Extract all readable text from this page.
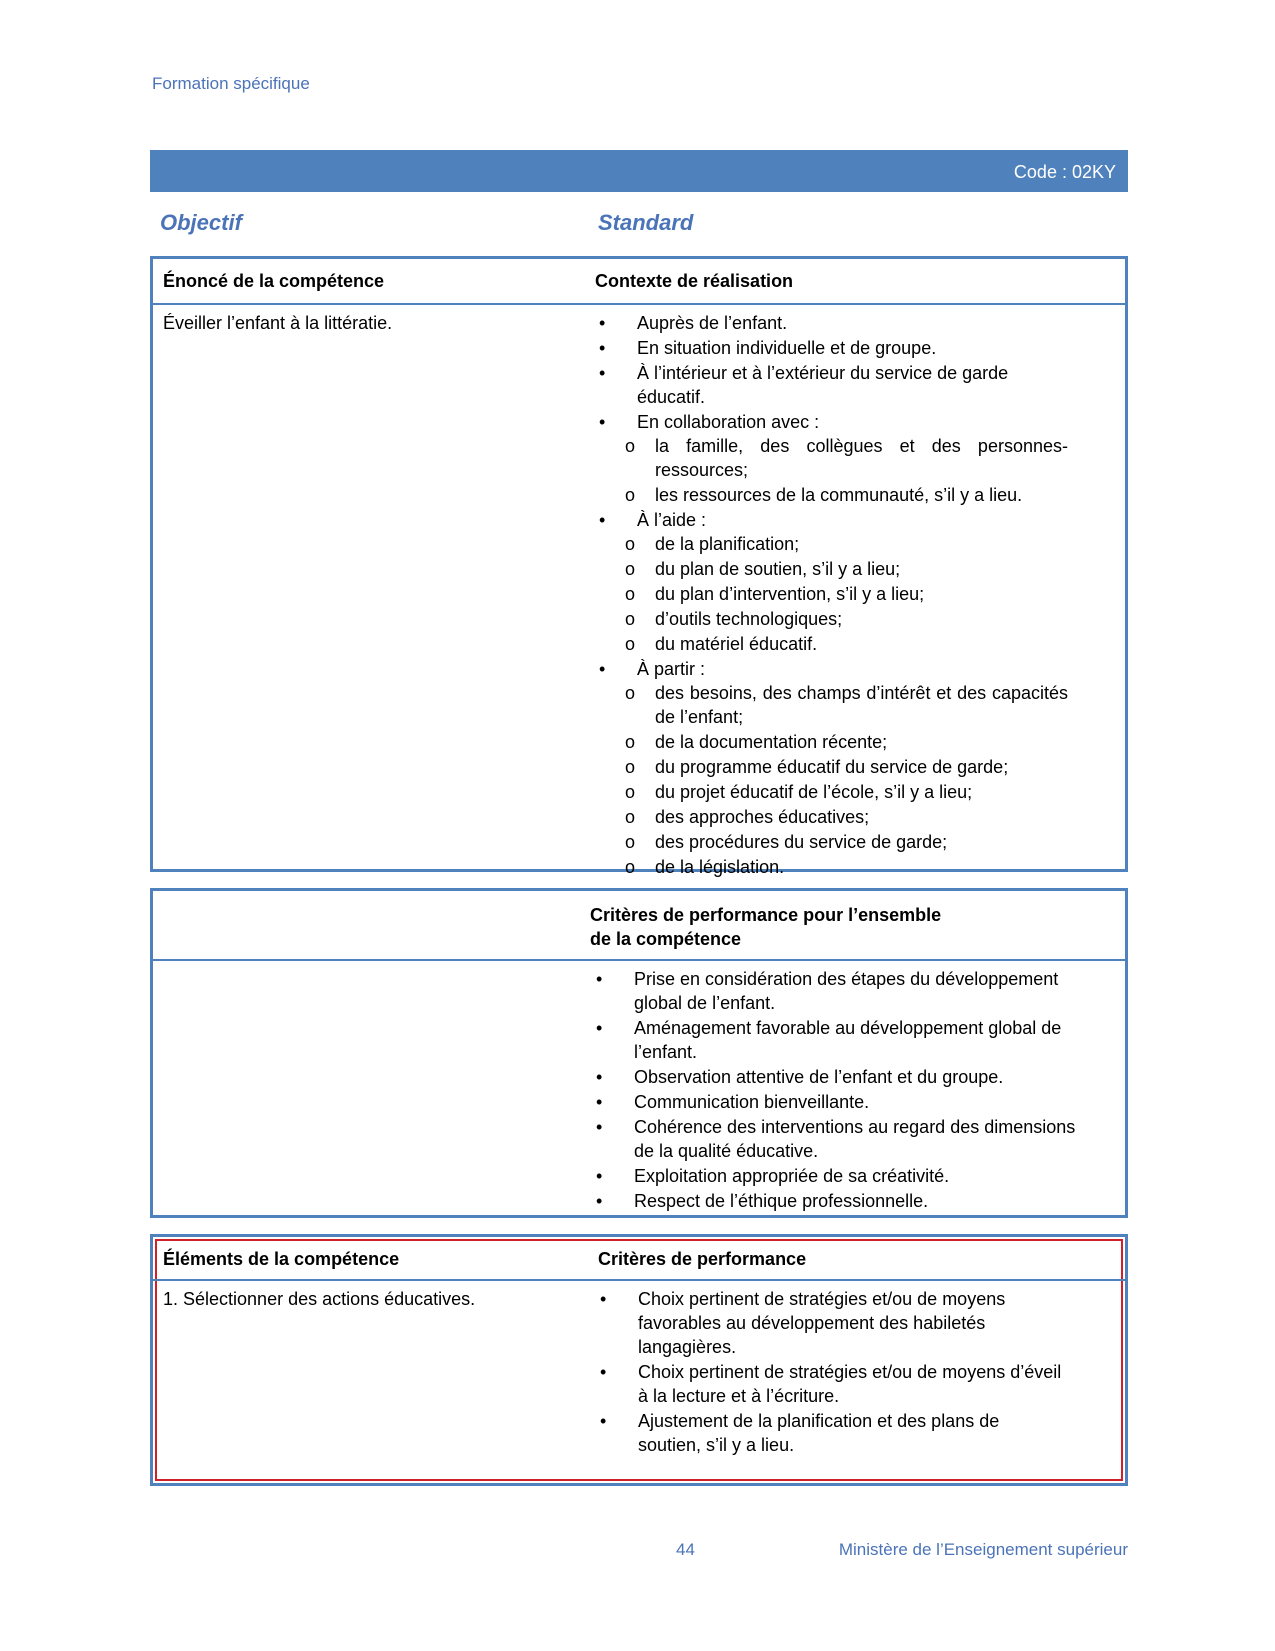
Formation spécifique
Code : 02KY
Objectif	Standard
Énoncé de la compétence	Contexte de réalisation
Éveiller l’enfant à la littératie.	• Auprès de l’enfant.
• En situation individuelle et de groupe.
• À l’intérieur et à l’extérieur du service de garde éducatif.
• En collaboration avec :
o la famille, des collègues et des personnes-ressources;
o les ressources de la communauté, s’il y a lieu.
• À l’aide :
o de la planification;
o du plan de soutien, s’il y a lieu;
o du plan d’intervention, s’il y a lieu;
o d’outils technologiques;
o du matériel éducatif.
• À partir :
o des besoins, des champs d’intérêt et des capacités de l’enfant;
o de la documentation récente;
o du programme éducatif du service de garde;
o du projet éducatif de l’école, s’il y a lieu;
o des approches éducatives;
o des procédures du service de garde;
o de la législation.
Critères de performance pour l’ensemble
de la compétence
• Prise en considération des étapes du développement global de l’enfant.
• Aménagement favorable au développement global de l’enfant.
• Observation attentive de l’enfant et du groupe.
• Communication bienveillante.
• Cohérence des interventions au regard des dimensions de la qualité éducative.
• Exploitation appropriée de sa créativité.
• Respect de l’éthique professionnelle.
Éléments de la compétence	Critères de performance
1. Sélectionner des actions éducatives.	• Choix pertinent de stratégies et/ou de moyens favorables au développement des habiletés langagières.
• Choix pertinent de stratégies et/ou de moyens d’éveil à la lecture et à l’écriture.
• Ajustement de la planification et des plans de soutien, s’il y a lieu.
44	Ministère de l’Enseignement supérieur
